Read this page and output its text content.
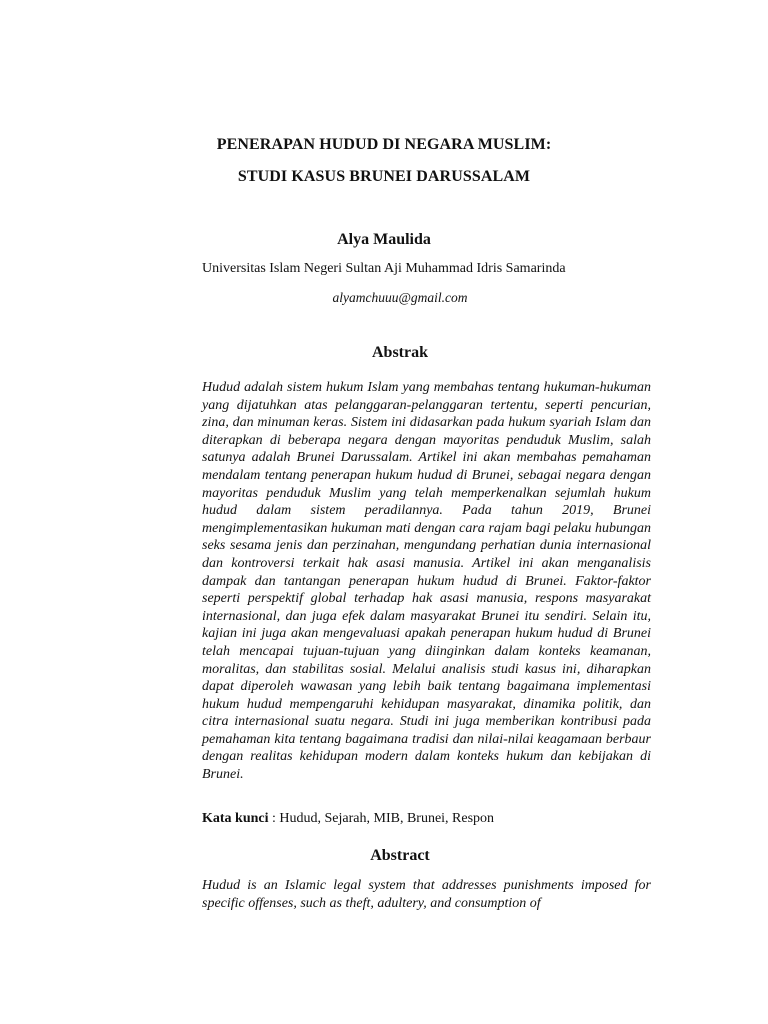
PENERAPAN HUDUD DI NEGARA MUSLIM:
STUDI KASUS BRUNEI DARUSSALAM
Alya Maulida
Universitas Islam Negeri Sultan Aji Muhammad Idris Samarinda
alyamchuuu@gmail.com
Abstrak
Hudud adalah sistem hukum Islam yang membahas tentang hukuman-hukuman yang dijatuhkan atas pelanggaran-pelanggaran tertentu, seperti pencurian, zina, dan minuman keras. Sistem ini didasarkan pada hukum syariah Islam dan diterapkan di beberapa negara dengan mayoritas penduduk Muslim, salah satunya adalah Brunei Darussalam. Artikel ini akan membahas pemahaman mendalam tentang penerapan hukum hudud di Brunei, sebagai negara dengan mayoritas penduduk Muslim yang telah memperkenalkan sejumlah hukum hudud dalam sistem peradilannya. Pada tahun 2019, Brunei mengimplementasikan hukuman mati dengan cara rajam bagi pelaku hubungan seks sesama jenis dan perzinahan, mengundang perhatian dunia internasional dan kontroversi terkait hak asasi manusia. Artikel ini akan menganalisis dampak dan tantangan penerapan hukum hudud di Brunei. Faktor-faktor seperti perspektif global terhadap hak asasi manusia, respons masyarakat internasional, dan juga efek dalam masyarakat Brunei itu sendiri. Selain itu, kajian ini juga akan mengevaluasi apakah penerapan hukum hudud di Brunei telah mencapai tujuan-tujuan yang diinginkan dalam konteks keamanan, moralitas, dan stabilitas sosial. Melalui analisis studi kasus ini, diharapkan dapat diperoleh wawasan yang lebih baik tentang bagaimana implementasi hukum hudud mempengaruhi kehidupan masyarakat, dinamika politik, dan citra internasional suatu negara. Studi ini juga memberikan kontribusi pada pemahaman kita tentang bagaimana tradisi dan nilai-nilai keagamaan berbaur dengan realitas kehidupan modern dalam konteks hukum dan kebijakan di Brunei.
Kata kunci : Hudud, Sejarah, MIB, Brunei, Respon
Abstract
Hudud is an Islamic legal system that addresses punishments imposed for specific offenses, such as theft, adultery, and consumption of
